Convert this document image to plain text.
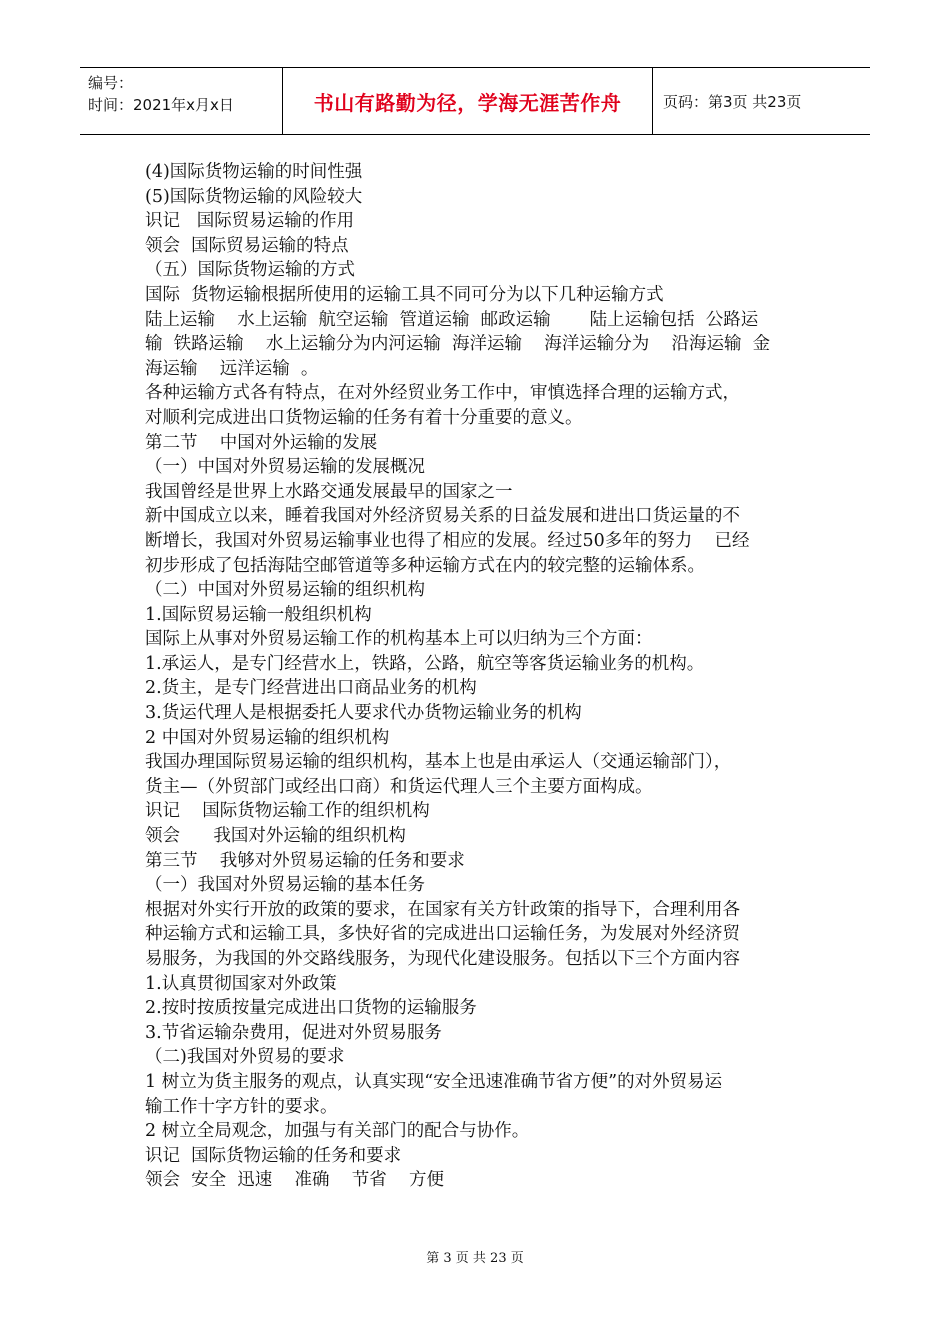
编号：
时间：2021年x月x日	书山有路勤为径，学海无涯苦作舟	页码：第3页 共23页
(4)国际货物运输的时间性强
(5)国际货物运输的风险较大
识记   国际贸易运输的作用
领会  国际贸易运输的特点
（五）国际货物运输的方式
国际  货物运输根据所使用的运输工具不同可分为以下几种运输方式
陆上运输    水上运输  航空运输  管道运输  邮政运输       陆上运输包括  公路运
输  铁路运输    水上运输分为内河运输  海洋运输    海洋运输分为    沿海运输  金
海运输    远洋运输  。
各种运输方式各有特点，在对外经贸业务工作中，审慎选择合理的运输方式，
对顺利完成进出口货物运输的任务有着十分重要的意义。
第二节    中国对外运输的发展
（一）中国对外贸易运输的发展概况
我国曾经是世界上水路交通发展最早的国家之一
新中国成立以来，睡着我国对外经济贸易关系的日益发展和进出口货运量的不
断增长，我国对外贸易运输事业也得了相应的发展。经过50多年的努力    已经
初步形成了包括海陆空邮管道等多种运输方式在内的较完整的运输体系。
（二）中国对外贸易运输的组织机构
1.国际贸易运输一般组织机构
国际上从事对外贸易运输工作的机构基本上可以归纳为三个方面：
1.承运人，是专门经营水上，铁路，公路，航空等客货运输业务的机构。
2.货主，是专门经营进出口商品业务的机构
3.货运代理人是根据委托人要求代办货物运输业务的机构
2 中国对外贸易运输的组织机构
我国办理国际贸易运输的组织机构，基本上也是由承运人（交通运输部门），
货主—（外贸部门或经出口商）和货运代理人三个主要方面构成。
识记    国际货物运输工作的组织机构
领会      我国对外运输的组织机构
第三节    我够对外贸易运输的任务和要求
（一）我国对外贸易运输的基本任务
根据对外实行开放的政策的要求，在国家有关方针政策的指导下，合理利用各
种运输方式和运输工具，多快好省的完成进出口运输任务，为发展对外经济贸
易服务，为我国的外交路线服务，为现代化建设服务。包括以下三个方面内容
1.认真贯彻国家对外政策
2.按时按质按量完成进出口货物的运输服务
3.节省运输杂费用，促进对外贸易服务
（二)我国对外贸易的要求
1 树立为货主服务的观点，认真实现“安全迅速准确节省方便”的对外贸易运
输工作十字方针的要求。
2 树立全局观念，加强与有关部门的配合与协作。
识记  国际货物运输的任务和要求
领会  安全  迅速    准确    节省    方便
第 3 页 共 23 页
